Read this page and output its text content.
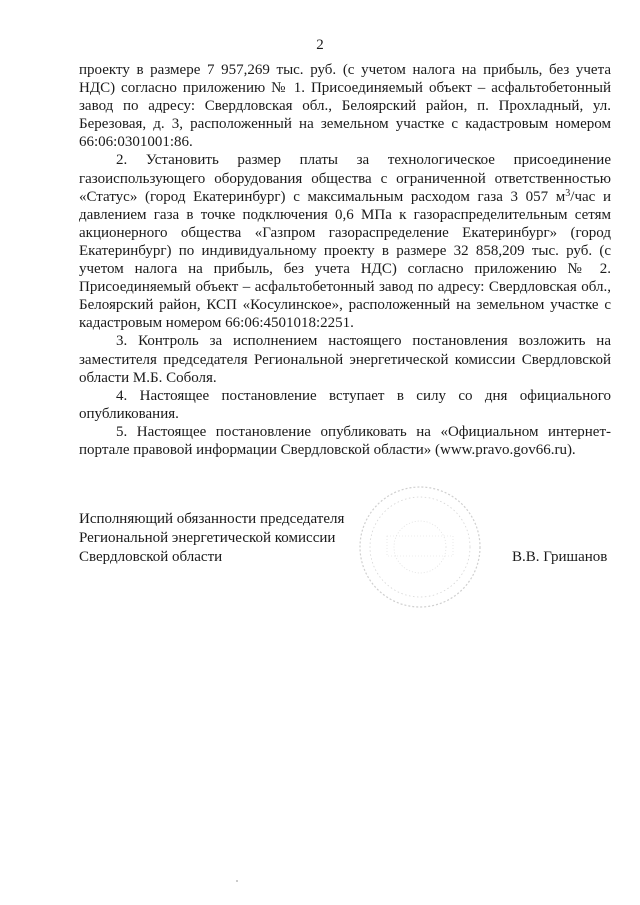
2

проекту в размере 7 957,269 тыс. руб. (с учетом налога на прибыль, без учета НДС) согласно приложению № 1. Присоединяемый объект – асфальтобетонный завод по адресу: Свердловская обл., Белоярский район, п. Прохладный, ул. Березовая, д. 3, расположенный на земельном участке с кадастровым номером 66:06:0301001:86.

2. Установить размер платы за технологическое присоединение газоиспользующего оборудования общества с ограниченной ответственностью «Статус» (город Екатеринбург) с максимальным расходом газа 3 057 $м^3$/час и давлением газа в точке подключения 0,6 МПа к газораспределительным сетям акционерного общества «Газпром газораспределение Екатеринбург» (город Екатеринбург) по индивидуальному проекту в размере 32 858,209 тыс. руб. (с учетом налога на прибыль, без учета НДС) согласно приложению № 2. Присоединяемый объект – асфальтобетонный завод по адресу: Свердловская обл., Белоярский район, КСП «Косулинское», расположенный на земельном участке с кадастровым номером 66:06:4501018:2251.

3. Контроль за исполнением настоящего постановления возложить на заместителя председателя Региональной энергетической комиссии Свердловской области М.Б. Соболя.

4. Настоящее постановление вступает в силу со дня официального опубликования.

5. Настоящее постановление опубликовать на «Официальном интернет-портале правовой информации Свердловской области» (www.pravo.gov66.ru).

Исполняющий обязанности председателя
Региональной энергетической комиссии
Свердловской области	В.В. Гришанов
